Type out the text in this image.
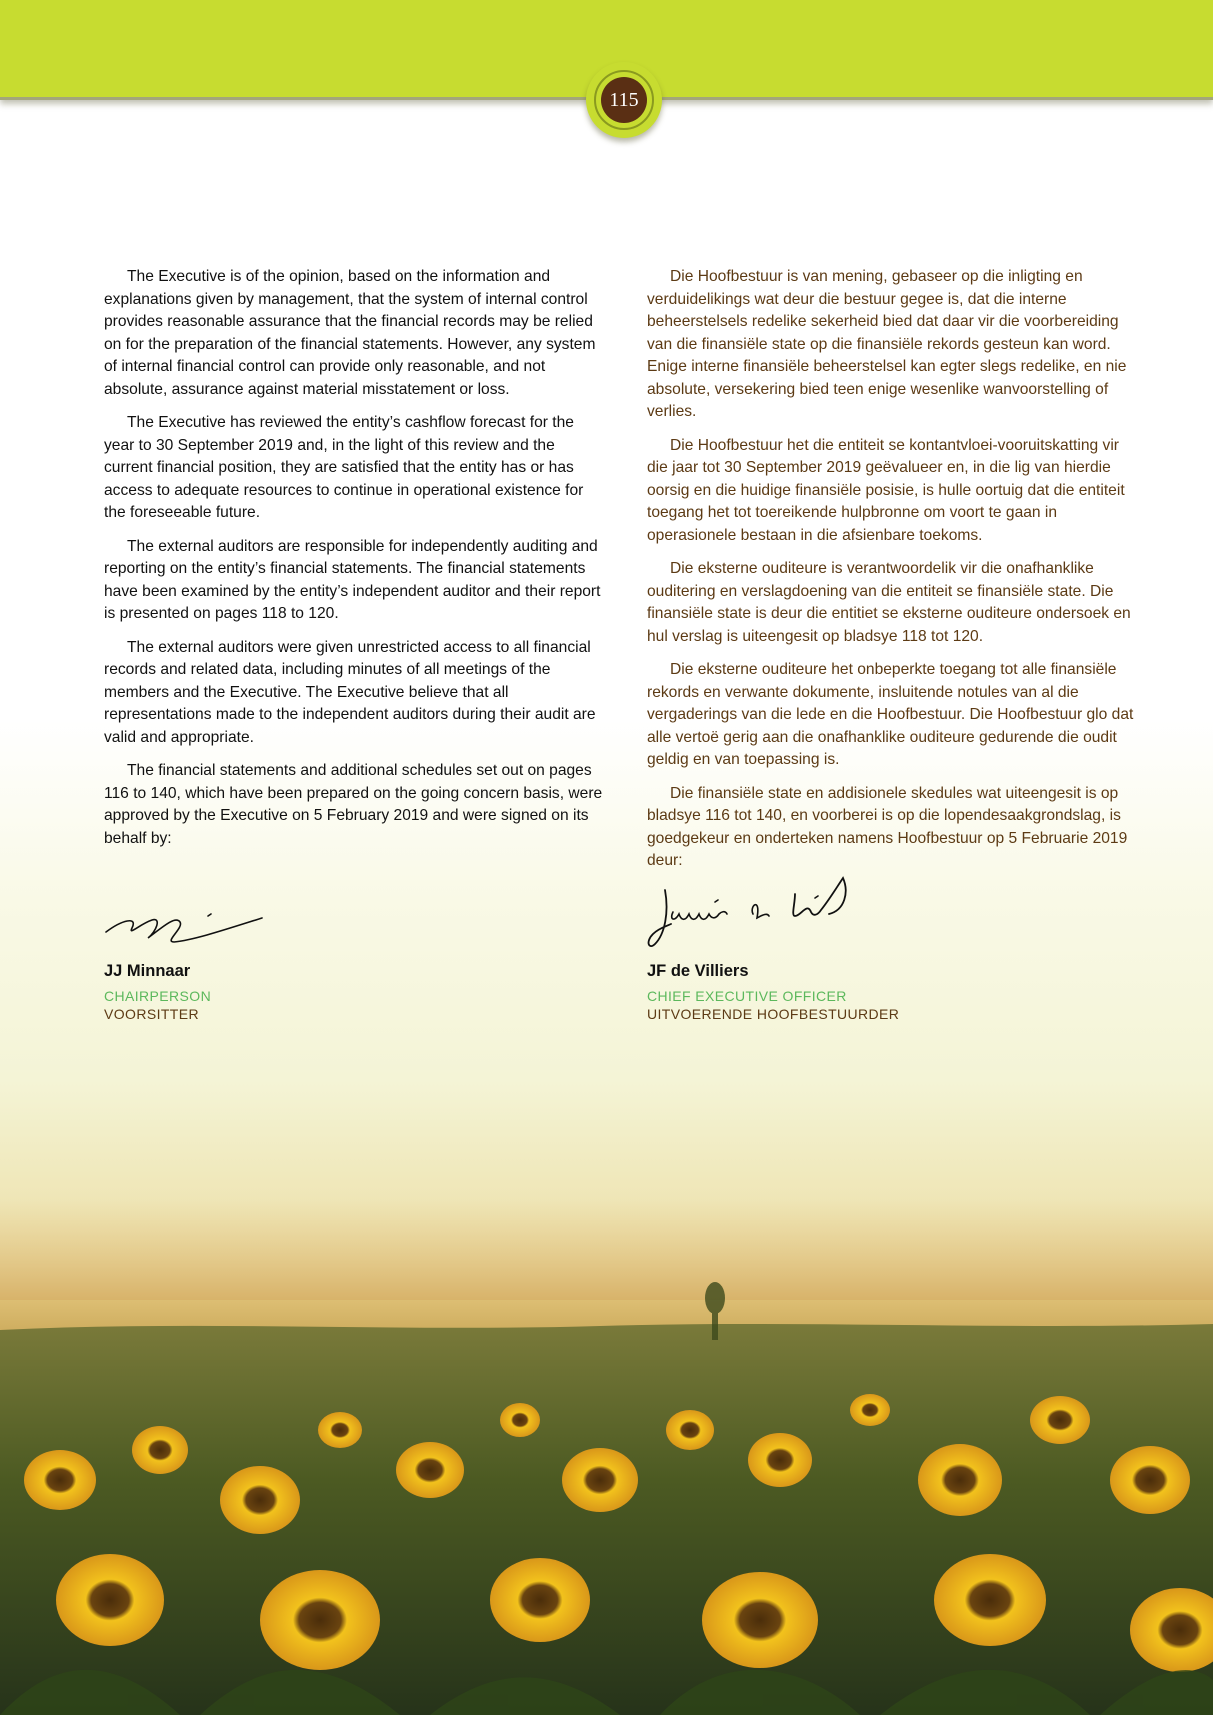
115

The Executive is of the opinion, based on the information and explanations given by management, that the system of internal control provides reasonable assurance that the financial records may be relied on for the preparation of the financial statements. However, any system of internal financial control can provide only reasonable, and not absolute, assurance against material misstatement or loss.

The Executive has reviewed the entity’s cashflow forecast for the year to 30 September 2019 and, in the light of this review and the current financial position, they are satisfied that the entity has or has access to adequate resources to continue in operational existence for the foreseeable future.

The external auditors are responsible for independently auditing and reporting on the entity’s financial statements. The financial statements have been examined by the entity’s independent auditor and their report is presented on pages 118 to 120.

The external auditors were given unrestricted access to all financial records and related data, including minutes of all meetings of the members and the Executive. The Executive believe that all representations made to the independent auditors during their audit are valid and appropriate.

The financial statements and additional schedules set out on pages 116 to 140, which have been prepared on the going concern basis, were approved by the Executive on 5 February 2019 and were signed on its behalf by:

Die Hoofbestuur is van mening, gebaseer op die inligting en verduidelikings wat deur die bestuur gegee is, dat die interne beheerstelsels redelike sekerheid bied dat daar vir die voorbereiding van die finansiële state op die finansiële rekords gesteun kan word. Enige interne finansiële beheerstelsel kan egter slegs redelike, en nie absolute, versekering bied teen enige wesenlike wanvoorstelling of verlies.

Die Hoofbestuur het die entiteit se kontantvloei-vooruitskatting vir die jaar tot 30 September 2019 geëvalueer en, in die lig van hierdie oorsig en die huidige finansiële posisie, is hulle oortuig dat die entiteit toegang het tot toereikende hulpbronne om voort te gaan in operasionele bestaan in die afsienbare toekoms.

Die eksterne ouditeure is verantwoordelik vir die onafhanklike ouditering en verslagdoening van die entiteit se finansiële state. Die finansiële state is deur die entitiet se eksterne ouditeure ondersoek en hul verslag is uiteengesit op bladsye 118 tot 120.

Die eksterne ouditeure het onbeperkte toegang tot alle finansiële rekords en verwante dokumente, insluitende notules van al die vergaderings van die lede en die Hoofbestuur. Die Hoofbestuur glo dat alle vertoë gerig aan die onafhanklike ouditeure gedurende die oudit geldig en van toepassing is.

Die finansiële state en addisionele skedules wat uiteengesit is op bladsye 116 tot 140, en voorberei is op die lopendesaakgrondslag, is goedgekeur en onderteken namens Hoofbestuur op 5 Februarie 2019 deur:

JJ Minnaar
CHAIRPERSON
VOORSITTER
JF de Villiers
CHIEF EXECUTIVE OFFICER
UITVOERENDE HOOFBESTUURDER
